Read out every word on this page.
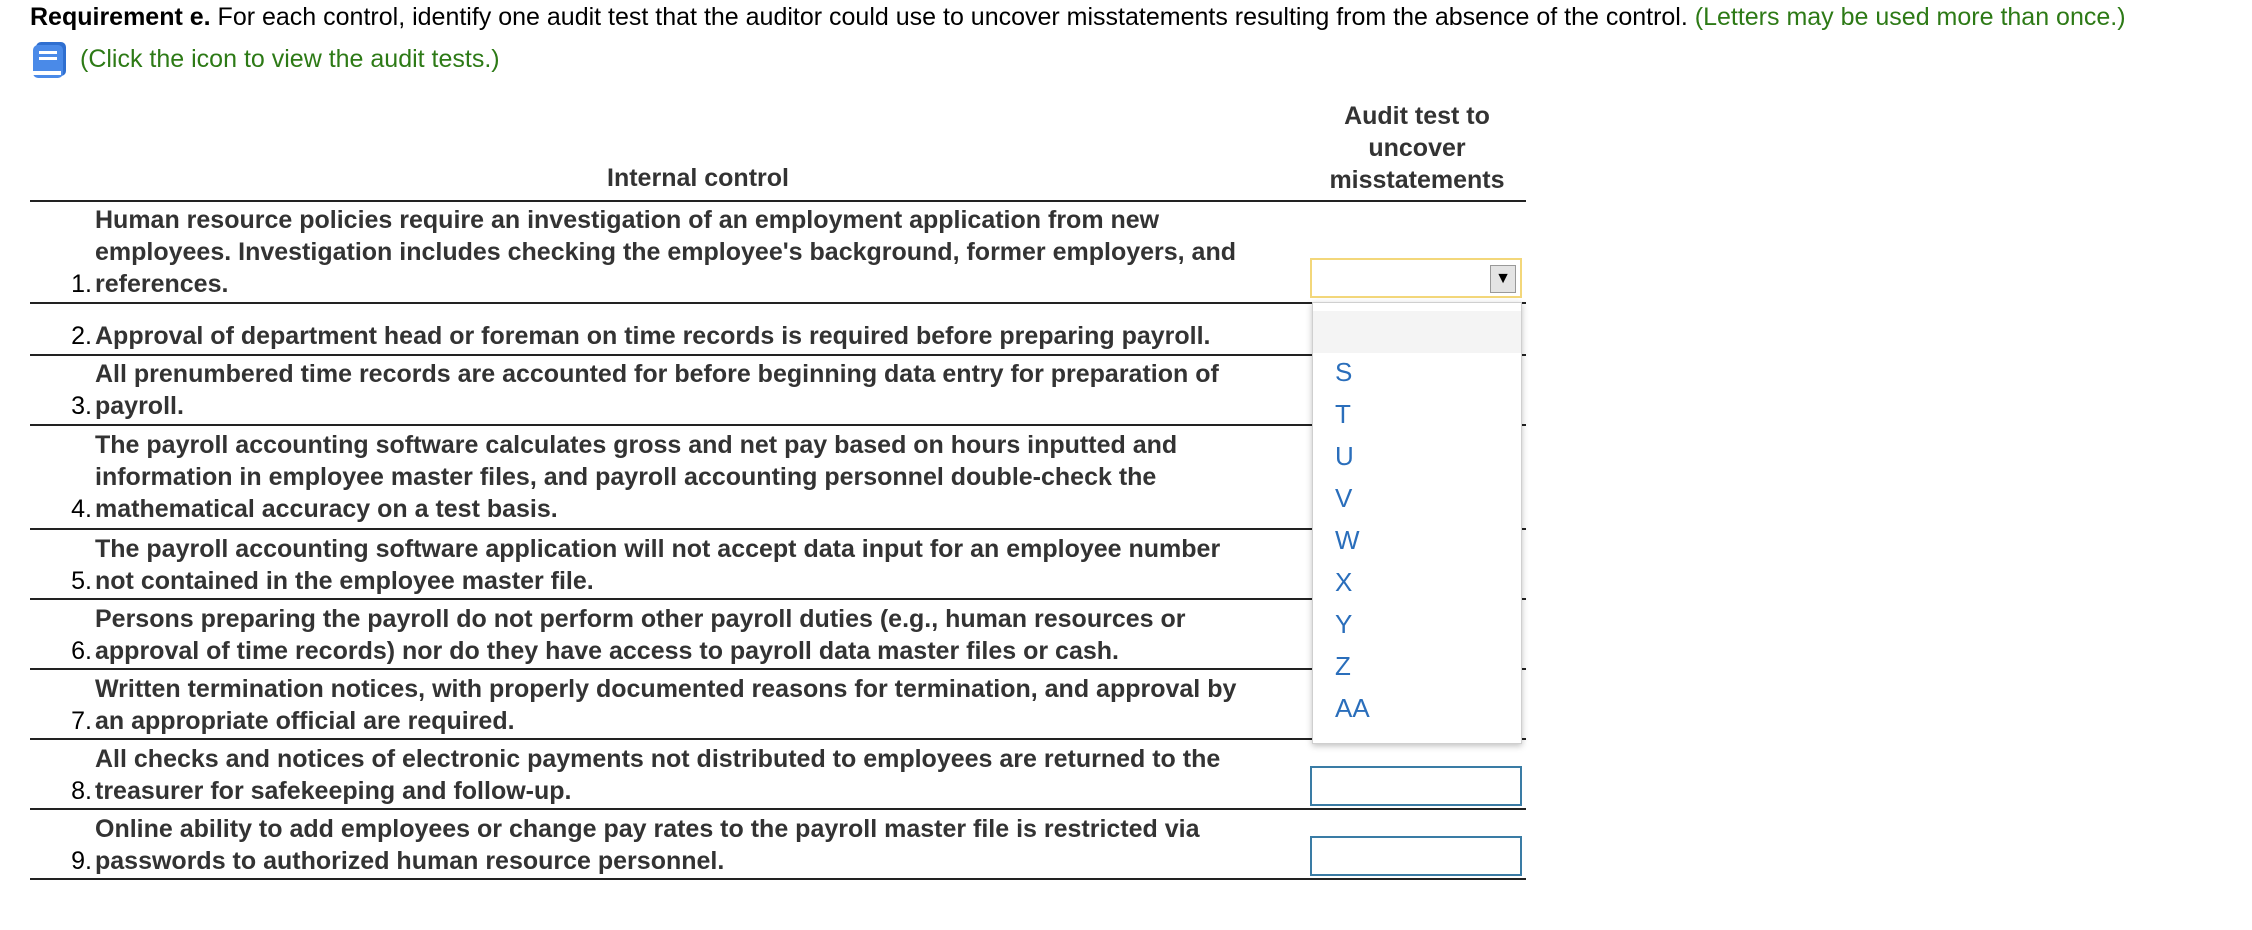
Requirement e. For each control, identify one audit test that the auditor could use to uncover misstatements resulting from the absence of the control. (Letters may be used more than once.)
(Click the icon to view the audit tests.)
Internal control
Audit test to
uncover
misstatements
1.
Human resource policies require an investigation of an employment application from new
employees. Investigation includes checking the employee's background, former employers, and
references.
2. Approval of department head or foreman on time records is required before preparing payroll.
3.
All prenumbered time records are accounted for before beginning data entry for preparation of
payroll.
4.
The payroll accounting software calculates gross and net pay based on hours inputted and
information in employee master files, and payroll accounting personnel double-check the
mathematical accuracy on a test basis.
5.
The payroll accounting software application will not accept data input for an employee number
not contained in the employee master file.
6.
Persons preparing the payroll do not perform other payroll duties (e.g., human resources or
approval of time records) nor do they have access to payroll data master files or cash.
7.
Written termination notices, with properly documented reasons for termination, and approval by
an appropriate official are required.
8.
All checks and notices of electronic payments not distributed to employees are returned to the
treasurer for safekeeping and follow-up.
9.
Online ability to add employees or change pay rates to the payroll master file is restricted via
passwords to authorized human resource personnel.
▼
S
T
U
V
W
X
Y
Z
AA
